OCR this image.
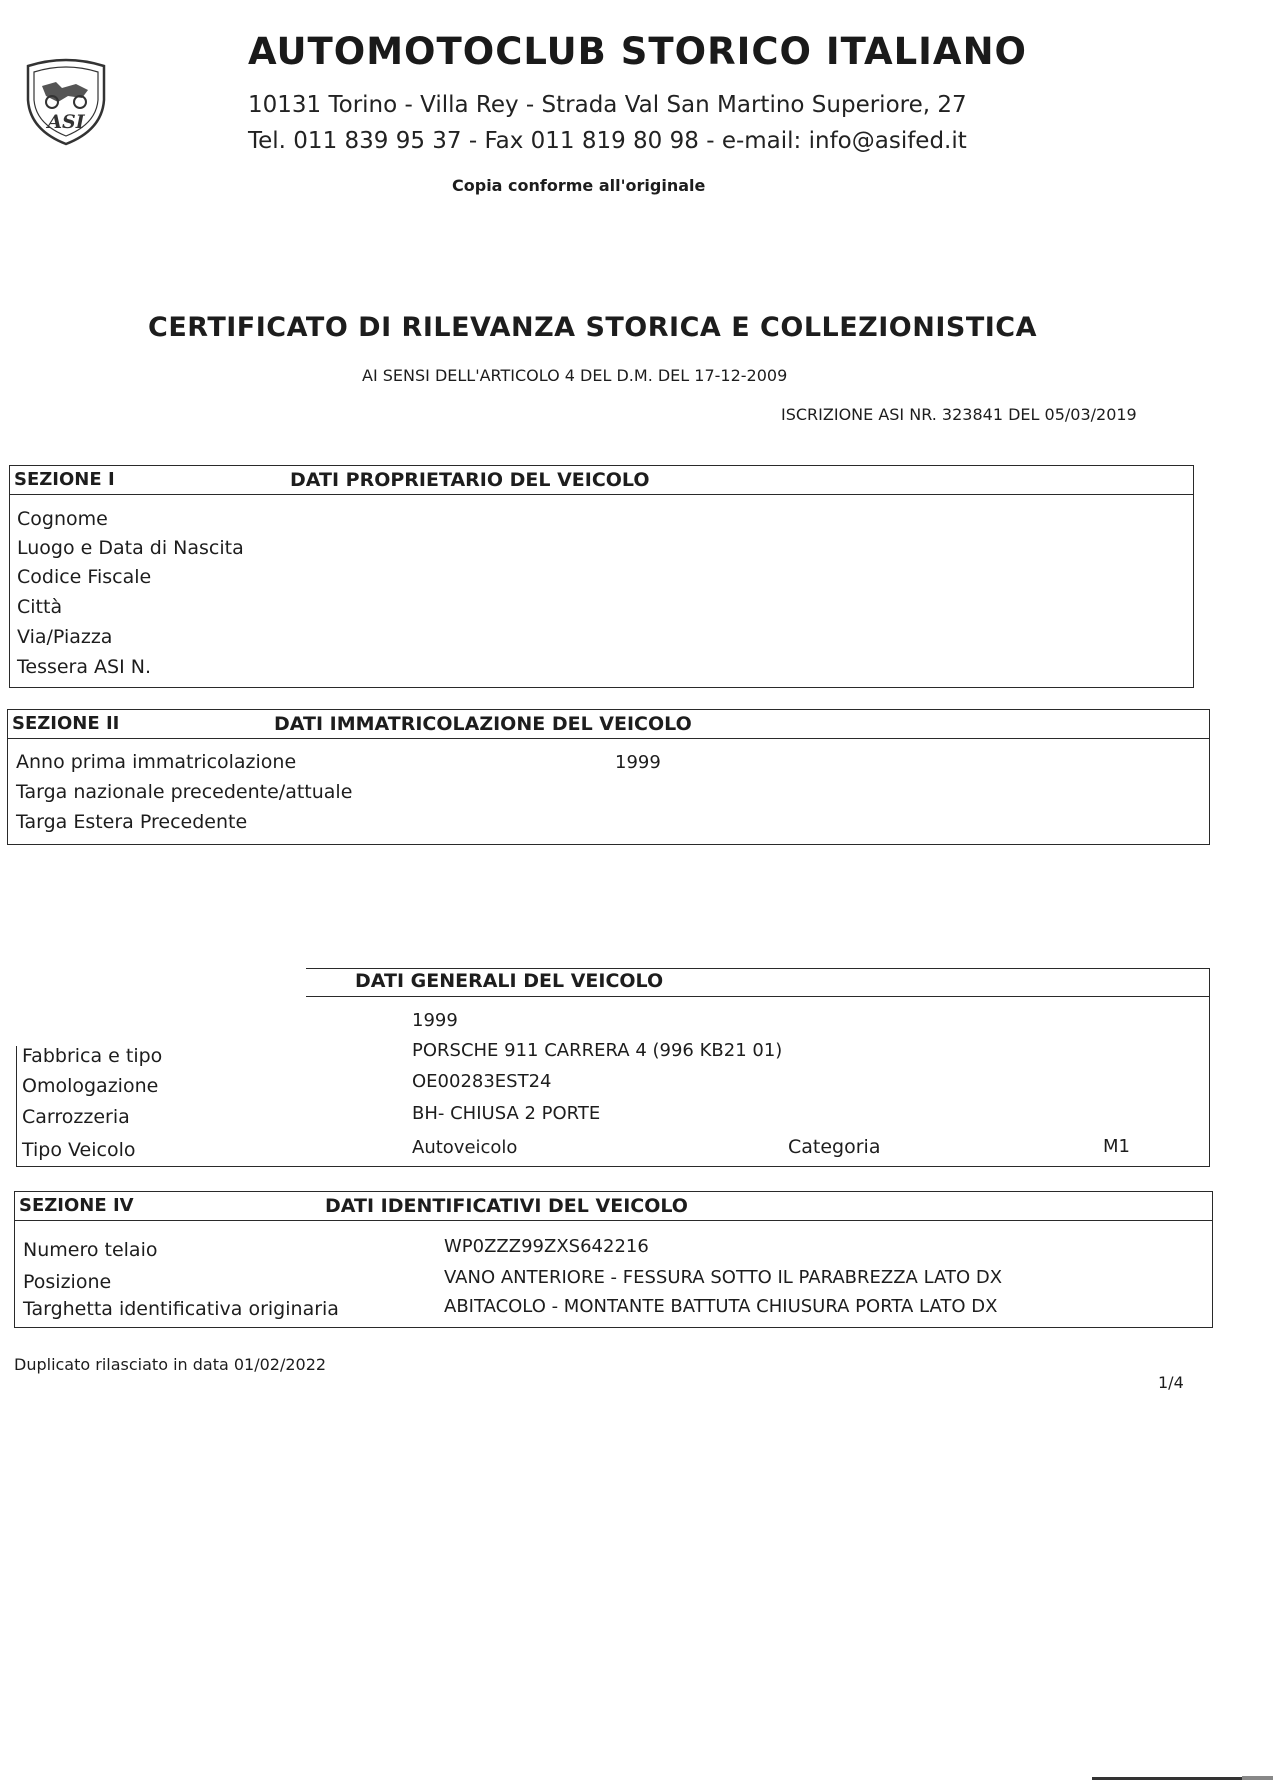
ASI
AUTOMOTOCLUB STORICO ITALIANO
10131 Torino - Villa Rey - Strada Val San Martino Superiore, 27
Tel. 011 839 95 37 - Fax 011 819 80 98 - e-mail: info@asifed.it
Copia conforme all'originale
CERTIFICATO DI RILEVANZA STORICA E COLLEZIONISTICA
AI SENSI DELL'ARTICOLO 4 DEL D.M. DEL 17-12-2009
ISCRIZIONE ASI NR. 323841 DEL 05/03/2019
SEZIONE I	DATI PROPRIETARIO DEL VEICOLO
Cognome
Luogo e Data di Nascita
Codice Fiscale
Città
Via/Piazza
Tessera ASI N.
SEZIONE II	DATI IMMATRICOLAZIONE DEL VEICOLO
Anno prima immatricolazione	1999
Targa nazionale precedente/attuale
Targa Estera Precedente
DATI GENERALI DEL VEICOLO
1999
Fabbrica e tipo	PORSCHE 911 CARRERA 4 (996 KB21 01)
Omologazione	OE00283EST24
Carrozzeria	BH- CHIUSA 2 PORTE
Tipo Veicolo	Autoveicolo	Categoria	M1
SEZIONE IV	DATI IDENTIFICATIVI DEL VEICOLO
Numero telaio	WP0ZZZ99ZXS642216
Posizione	VANO ANTERIORE - FESSURA SOTTO IL PARABREZZA LATO DX
Targhetta identificativa originaria	ABITACOLO - MONTANTE BATTUTA CHIUSURA PORTA LATO DX
Duplicato rilasciato in data 01/02/2022
1/4
